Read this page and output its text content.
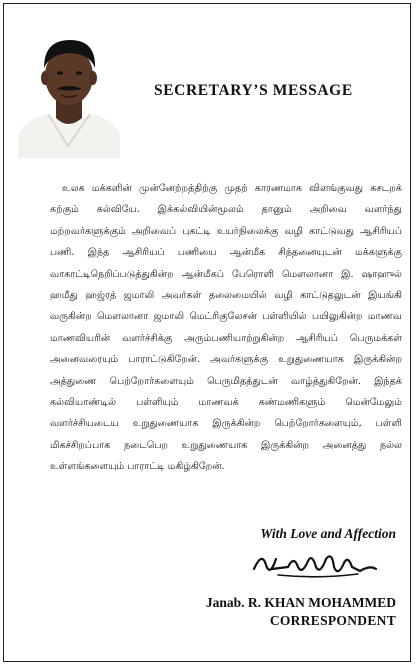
SECRETARY’S MESSAGE
உலக மக்களின் முன்னேற்றத்திற்கு முதற் காரணமாக விளங்குவது கசடறக் கற்கும் கல்வியே. இக்கல்வியின்மூலம் தானும் அறிவை வளர்ந்து மற்றவர்களுக்கும் அறிவைப் புகட்டி உயர்நிலைக்கு வழி காட்டுவது ஆசிரியப் பணி. இந்த ஆசிரியப் பணியை ஆன்மீக சிந்தனையுடன் மக்களுக்கு வாகாட்டிநெறிப்படுத்துகின்ற ஆன்மீகப் பேரொளி மௌலானா இ. ஷாஹுல் ஹமீது ஹஜ்ரத் ஜமாலி அவர்கள் தலைமையில் வழி காட்டுதலுடன் இயங்கி வருகின்ற மௌலானா ஜமாலி மெட்ரிகுலேசன் பள்ளியில் பயிலுகின்ற மாணவ மாணவியரின் வளர்ச்சிக்கு அரும்பணியாற்றுகின்ற ஆசிரியப் பெருமக்கள் அனைவரையும் பாராட்டுகிறேன். அவர்களுக்கு உறுதுணையாக இருக்கின்ற அத்துணை பெற்றோர்களையும் பெருமிதத்துடன் வாழ்த்துகிறேன். இந்தக் கல்வியாண்டில் பள்ளியும் மாணவக் கண்மணிகளும் மென்மேலும் வளர்ச்சியடைய உறுதுணையாக இருக்கின்ற பெற்றோர்களையும், பள்ளி மிகச்சிறப்பாக நடைபெற உறுதுணையாக இருக்கின்ற அனைத்து நல்ல உள்ளங்களையும் பாராட்டி மகிழ்கிறேன்.
With Love and Affection
Janab. R. KHAN MOHAMMED
CORRESPONDENT
